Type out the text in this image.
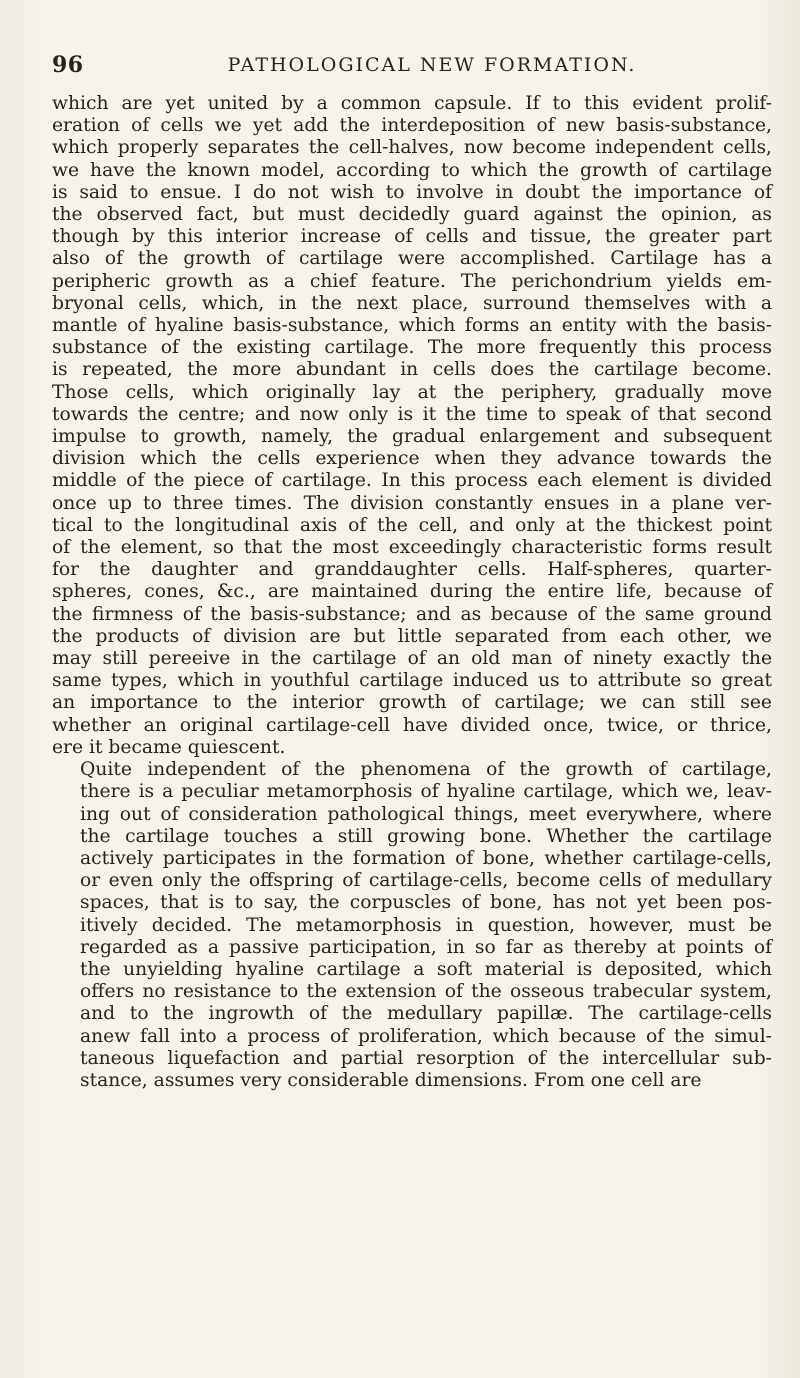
96	PATHOLOGICAL NEW FORMATION.

which are yet united by a common capsule. If to this evident prolif-
eration of cells we yet add the interdeposition of new basis-substance,
which properly separates the cell-halves, now become independent cells,
we have the known model, according to which the growth of cartilage
is said to ensue. I do not wish to involve in doubt the importance of
the observed fact, but must decidedly guard against the opinion, as
though by this interior increase of cells and tissue, the greater part
also of the growth of cartilage were accomplished. Cartilage has a
peripheric growth as a chief feature. The perichondrium yields em-
bryonal cells, which, in the next place, surround themselves with a
mantle of hyaline basis-substance, which forms an entity with the basis-
substance of the existing cartilage. The more frequently this process
is repeated, the more abundant in cells does the cartilage become.
Those cells, which originally lay at the periphery, gradually move
towards the centre; and now only is it the time to speak of that second
impulse to growth, namely, the gradual enlargement and subsequent
division which the cells experience when they advance towards the
middle of the piece of cartilage. In this process each element is divided
once up to three times. The division constantly ensues in a plane ver-
tical to the longitudinal axis of the cell, and only at the thickest point
of the element, so that the most exceedingly characteristic forms result
for the daughter and granddaughter cells. Half-spheres, quarter-
spheres, cones, &c., are maintained during the entire life, because of
the firmness of the basis-substance; and as because of the same ground
the products of division are but little separated from each other, we
may still pereeive in the cartilage of an old man of ninety exactly the
same types, which in youthful cartilage induced us to attribute so great
an importance to the interior growth of cartilage; we can still see
whether an original cartilage-cell have divided once, twice, or thrice,
ere it became quiescent.

Quite independent of the phenomena of the growth of cartilage,
there is a peculiar metamorphosis of hyaline cartilage, which we, leav-
ing out of consideration pathological things, meet everywhere, where
the cartilage touches a still growing bone. Whether the cartilage
actively participates in the formation of bone, whether cartilage-cells,
or even only the offspring of cartilage-cells, become cells of medullary
spaces, that is to say, the corpuscles of bone, has not yet been pos-
itively decided. The metamorphosis in question, however, must be
regarded as a passive participation, in so far as thereby at points of
the unyielding hyaline cartilage a soft material is deposited, which
offers no resistance to the extension of the osseous trabecular system,
and to the ingrowth of the medullary papillæ. The cartilage-cells
anew fall into a process of proliferation, which because of the simul-
taneous liquefaction and partial resorption of the intercellular sub-
stance, assumes very considerable dimensions. From one cell are
